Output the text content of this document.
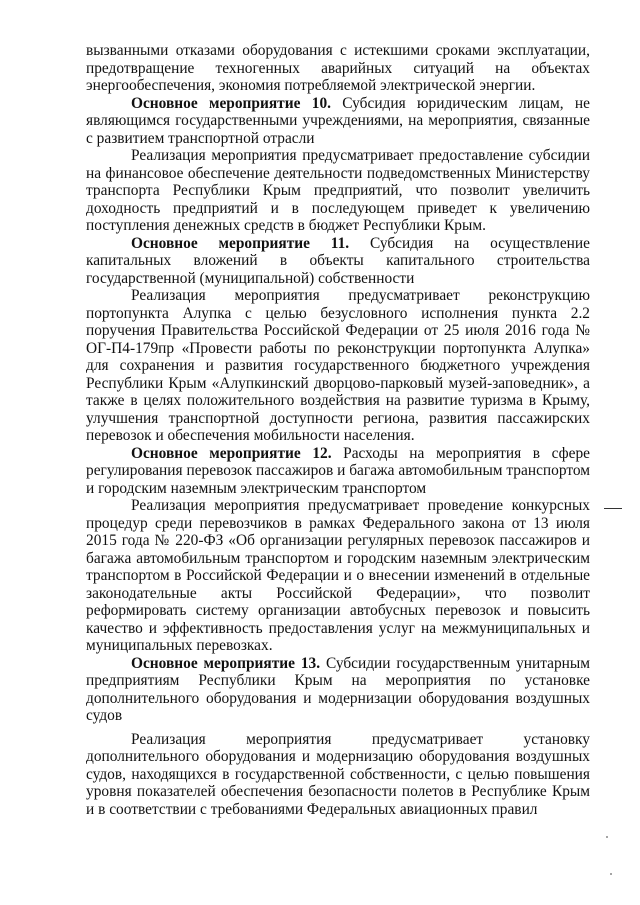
вызванными отказами оборудования с истекшими сроками эксплуатации, предотвращение техногенных аварийных ситуаций на объектах энергообеспечения, экономия потребляемой электрической энергии.

Основное мероприятие 10. Субсидия юридическим лицам, не являющимся государственными учреждениями, на мероприятия, связанные с развитием транспортной отрасли

Реализация мероприятия предусматривает предоставление субсидии на финансовое обеспечение деятельности подведомственных Министерству транспорта Республики Крым предприятий, что позволит увеличить доходность предприятий и в последующем приведет к увеличению поступления денежных средств в бюджет Республики Крым.

Основное мероприятие 11. Субсидия на осуществление капитальных вложений в объекты капитального строительства государственной (муниципальной) собственности

Реализация мероприятия предусматривает реконструкцию портопункта Алупка с целью безусловного исполнения пункта 2.2 поручения Правительства Российской Федерации от 25 июля 2016 года № ОГ-П4-179пр «Провести работы по реконструкции портопункта Алупка» для сохранения и развития государственного бюджетного учреждения Республики Крым «Алупкинский дворцово-парковый музей-заповедник», а также в целях положительного воздействия на развитие туризма в Крыму, улучшения транспортной доступности региона, развития пассажирских перевозок и обеспечения мобильности населения.

Основное мероприятие 12. Расходы на мероприятия в сфере регулирования перевозок пассажиров и багажа автомобильным транспортом и городским наземным электрическим транспортом

Реализация мероприятия предусматривает проведение конкурсных процедур среди перевозчиков в рамках Федерального закона от 13 июля 2015 года № 220-ФЗ «Об организации регулярных перевозок пассажиров и багажа автомобильным транспортом и городским наземным электрическим транспортом в Российской Федерации и о внесении изменений в отдельные законодательные акты Российской Федерации», что позволит реформировать систему организации автобусных перевозок и повысить качество и эффективность предоставления услуг на межмуниципальных и муниципальных перевозках.

Основное мероприятие 13. Субсидии государственным унитарным предприятиям Республики Крым на мероприятия по установке дополнительного оборудования и модернизации оборудования воздушных судов

Реализация мероприятия предусматривает установку дополнительного оборудования и модернизацию оборудования воздушных судов, находящихся в государственной собственности, с целью повышения уровня показателей обеспечения безопасности полетов в Республике Крым и в соответствии с требованиями Федеральных авиационных правил
